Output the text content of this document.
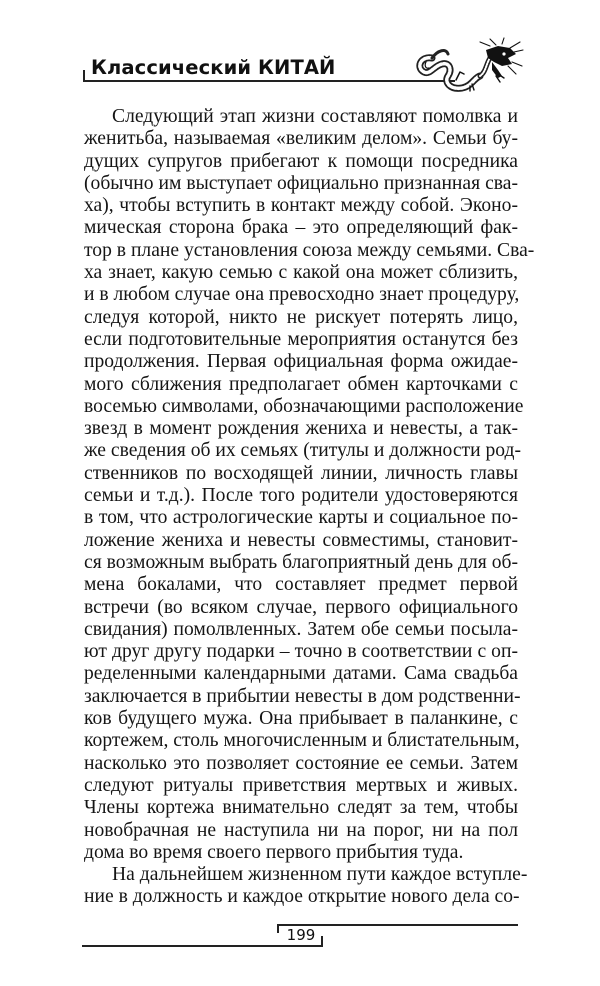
Классический КИТАЙ
Следующий этап жизни составляют помолвка и
женитьба, называемая «великим делом». Семьи бу-
дущих супругов прибегают к помощи посредника
(обычно им выступает официально признанная сва-
ха), чтобы вступить в контакт между собой. Эконо-
мическая сторона брака – это определяющий фак-
тор в плане установления союза между семьями. Сва-
ха знает, какую семью с какой она может сблизить,
и в любом случае она превосходно знает процедуру,
следуя которой, никто не рискует потерять лицо,
если подготовительные мероприятия останутся без
продолжения. Первая официальная форма ожидае-
мого сближения предполагает обмен карточками с
восемью символами, обозначающими расположение
звезд в момент рождения жениха и невесты, а так-
же сведения об их семьях (титулы и должности род-
ственников по восходящей линии, личность главы
семьи и т.д.). После того родители удостоверяются
в том, что астрологические карты и социальное по-
ложение жениха и невесты совместимы, становит-
ся возможным выбрать благоприятный день для об-
мена бокалами, что составляет предмет первой
встречи (во всяком случае, первого официального
свидания) помолвленных. Затем обе семьи посыла-
ют друг другу подарки – точно в соответствии с оп-
ределенными календарными датами. Сама свадьба
заключается в прибытии невесты в дом родственни-
ков будущего мужа. Она прибывает в паланкине, с
кортежем, столь многочисленным и блистательным,
насколько это позволяет состояние ее семьи. Затем
следуют ритуалы приветствия мертвых и живых.
Члены кортежа внимательно следят за тем, чтобы
новобрачная не наступила ни на порог, ни на пол
дома во время своего первого прибытия туда.
На дальнейшем жизненном пути каждое вступле-
ние в должность и каждое открытие нового дела со-
199
